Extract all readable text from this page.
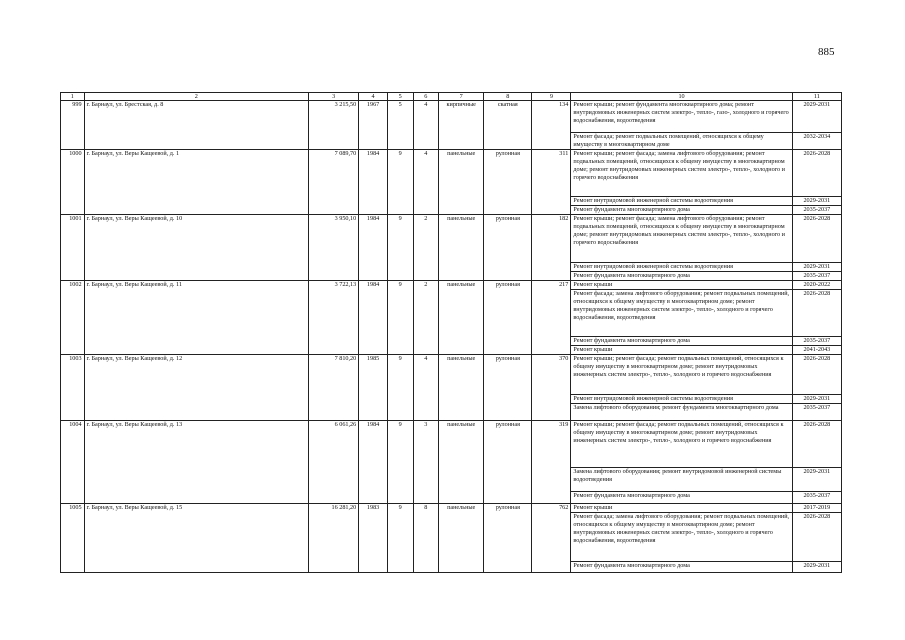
885
1	2	3	4	5	6	7	8	9	10	11
999	г. Барнаул, ул. Брестская, д. 8	3 215,50	1967	5	4	кирпичные	скатная	134	Ремонт крыши; ремонт фундамента многоквартирного дома; ремонт внутридомовых инженерных систем электро-, тепло-, газо-, холодного и горячего водоснабжения, водоотведения	2029-2031
									Ремонт фасада; ремонт подвальных помещений, относящихся к общему имуществу в многоквартирном доме	2032-2034
1000	г. Барнаул, ул. Веры Кащеевой, д. 1	7 089,70	1984	9	4	панельные	рулонная	311	Ремонт крыши; ремонт фасада; замена лифтового оборудования; ремонт подвальных помещений, относящихся к общему имуществу в многоквартирном доме; ремонт внутридомовых инженерных систем электро-, тепло-, холодного и горячего водоснабжения	2026-2028
									Ремонт внутридомовой инженерной системы водоотведения	2029-2031
									Ремонт фундамента многоквартирного дома	2035-2037
1001	г. Барнаул, ул. Веры Кащеевой, д. 10	3 950,10	1984	9	2	панельные	рулонная	182	Ремонт крыши; ремонт фасада; замена лифтового оборудования; ремонт подвальных помещений, относящихся к общему имуществу в многоквартирном доме; ремонт внутридомовых инженерных систем электро-, тепло-, холодного и горячего водоснабжения	2026-2028
									Ремонт внутридомовой инженерной системы водоотведения	2029-2031
									Ремонт фундамента многоквартирного дома	2035-2037
1002	г. Барнаул, ул. Веры Кащеевой, д. 11	3 722,13	1984	9	2	панельные	рулонная	217	Ремонт крыши	2020-2022
									Ремонт фасада; замена лифтового оборудования; ремонт подвальных помещений, относящихся к общему имуществу в многоквартирном доме; ремонт внутридомовых инженерных систем электро-, тепло-, холодного и горячего водоснабжения, водоотведения	2026-2028
									Ремонт фундамента многоквартирного дома	2035-2037
									Ремонт крыши	2041-2043
1003	г. Барнаул, ул. Веры Кащеевой, д. 12	7 810,20	1985	9	4	панельные	рулонная	370	Ремонт крыши; ремонт фасада; ремонт подвальных помещений, относящихся к общему имуществу в многоквартирном доме; ремонт внутридомовых инженерных систем электро-, тепло-, холодного и горячего водоснабжения	2026-2028
									Ремонт внутридомовой инженерной системы водоотведения	2029-2031
									Замена лифтового оборудования; ремонт фундамента многоквартирного дома	2035-2037
1004	г. Барнаул, ул. Веры Кащеевой, д. 13	6 061,26	1984	9	3	панельные	рулонная	319	Ремонт крыши; ремонт фасада; ремонт подвальных помещений, относящихся к общему имуществу в многоквартирном доме; ремонт внутридомовых инженерных систем электро-, тепло-, холодного и горячего водоснабжения	2026-2028
									Замена лифтового оборудования; ремонт внутридомовой инженерной системы водоотведения	2029-2031
									Ремонт фундамента многоквартирного дома	2035-2037
1005	г. Барнаул, ул. Веры Кащеевой, д. 15	16 281,20	1983	9	8	панельные	рулонная	762	Ремонт крыши	2017-2019
									Ремонт фасада; замена лифтового оборудования; ремонт подвальных помещений, относящихся к общему имуществу в многоквартирном доме; ремонт внутридомовых инженерных систем электро-, тепло-, холодного и горячего водоснабжения, водоотведения	2026-2028
									Ремонт фундамента многоквартирного дома	2029-2031
